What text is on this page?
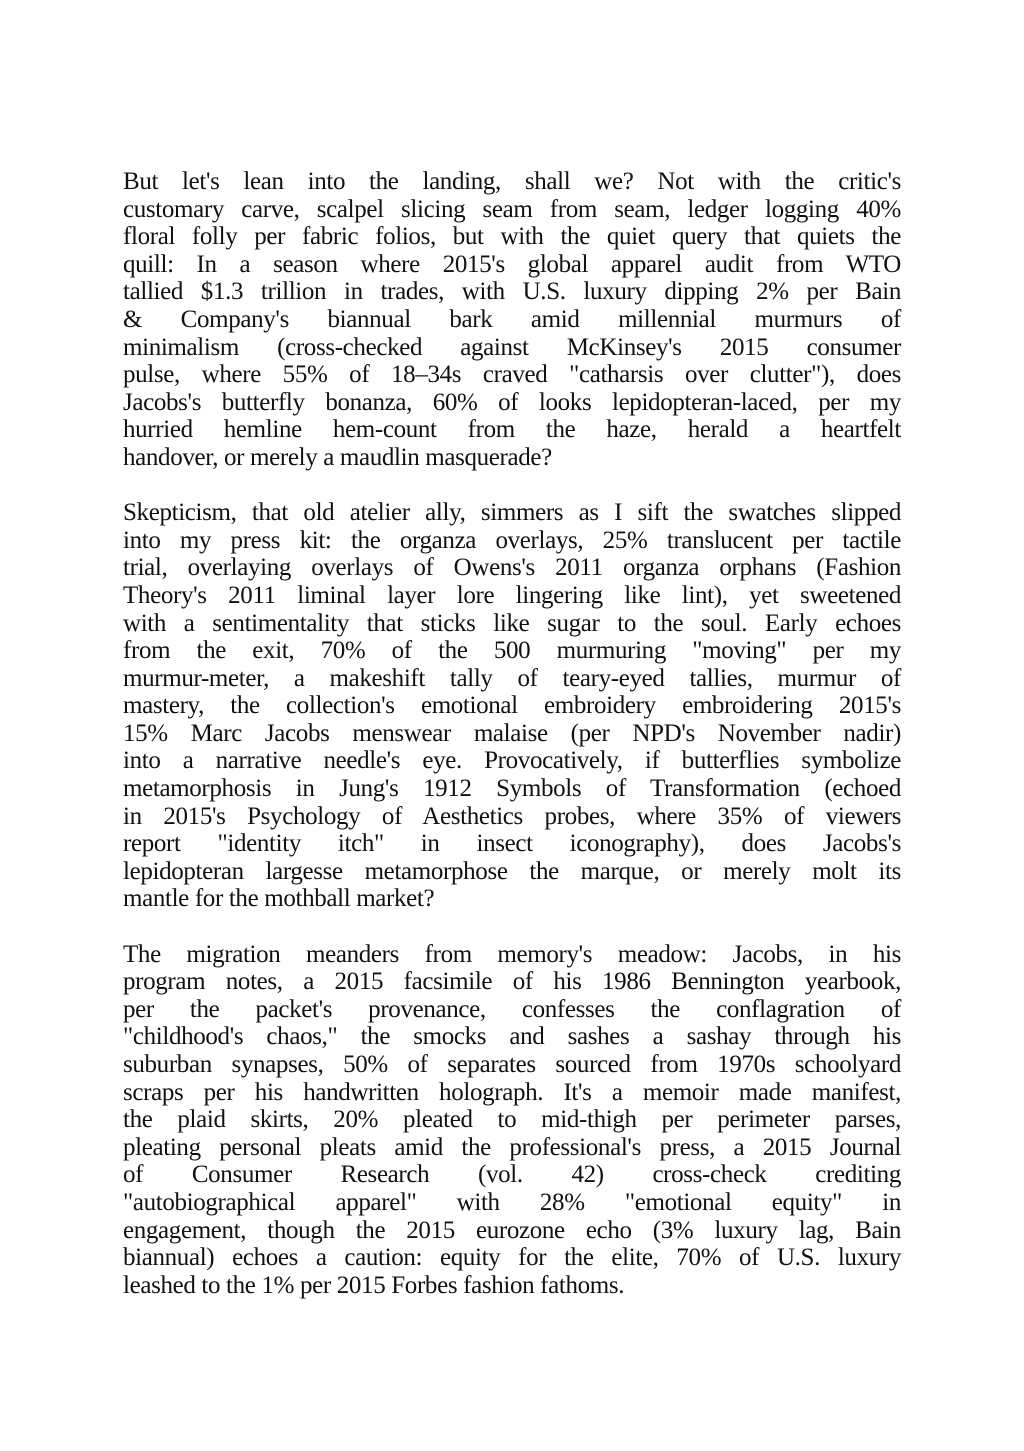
But let's lean into the landing, shall we? Not with the critic's
customary carve, scalpel slicing seam from seam, ledger logging 40%
floral folly per fabric folios, but with the quiet query that quiets the
quill: In a season where 2015's global apparel audit from WTO
tallied $1.3 trillion in trades, with U.S. luxury dipping 2% per Bain
& Company's biannual bark amid millennial murmurs of
minimalism (cross-checked against McKinsey's 2015 consumer
pulse, where 55% of 18–34s craved "catharsis over clutter"), does
Jacobs's butterfly bonanza, 60% of looks lepidopteran-laced, per my
hurried hemline hem-count from the haze, herald a heartfelt
handover, or merely a maudlin masquerade?

Skepticism, that old atelier ally, simmers as I sift the swatches slipped
into my press kit: the organza overlays, 25% translucent per tactile
trial, overlaying overlays of Owens's 2011 organza orphans (Fashion
Theory's 2011 liminal layer lore lingering like lint), yet sweetened
with a sentimentality that sticks like sugar to the soul. Early echoes
from the exit, 70% of the 500 murmuring "moving" per my
murmur-meter, a makeshift tally of teary-eyed tallies, murmur of
mastery, the collection's emotional embroidery embroidering 2015's
15% Marc Jacobs menswear malaise (per NPD's November nadir)
into a narrative needle's eye. Provocatively, if butterflies symbolize
metamorphosis in Jung's 1912 Symbols of Transformation (echoed
in 2015's Psychology of Aesthetics probes, where 35% of viewers
report "identity itch" in insect iconography), does Jacobs's
lepidopteran largesse metamorphose the marque, or merely molt its
mantle for the mothball market?

The migration meanders from memory's meadow: Jacobs, in his
program notes, a 2015 facsimile of his 1986 Bennington yearbook,
per the packet's provenance, confesses the conflagration of
"childhood's chaos," the smocks and sashes a sashay through his
suburban synapses, 50% of separates sourced from 1970s schoolyard
scraps per his handwritten holograph. It's a memoir made manifest,
the plaid skirts, 20% pleated to mid-thigh per perimeter parses,
pleating personal pleats amid the professional's press, a 2015 Journal
of Consumer Research (vol. 42) cross-check crediting
"autobiographical apparel" with 28% "emotional equity" in
engagement, though the 2015 eurozone echo (3% luxury lag, Bain
biannual) echoes a caution: equity for the elite, 70% of U.S. luxury
leashed to the 1% per 2015 Forbes fashion fathoms.
